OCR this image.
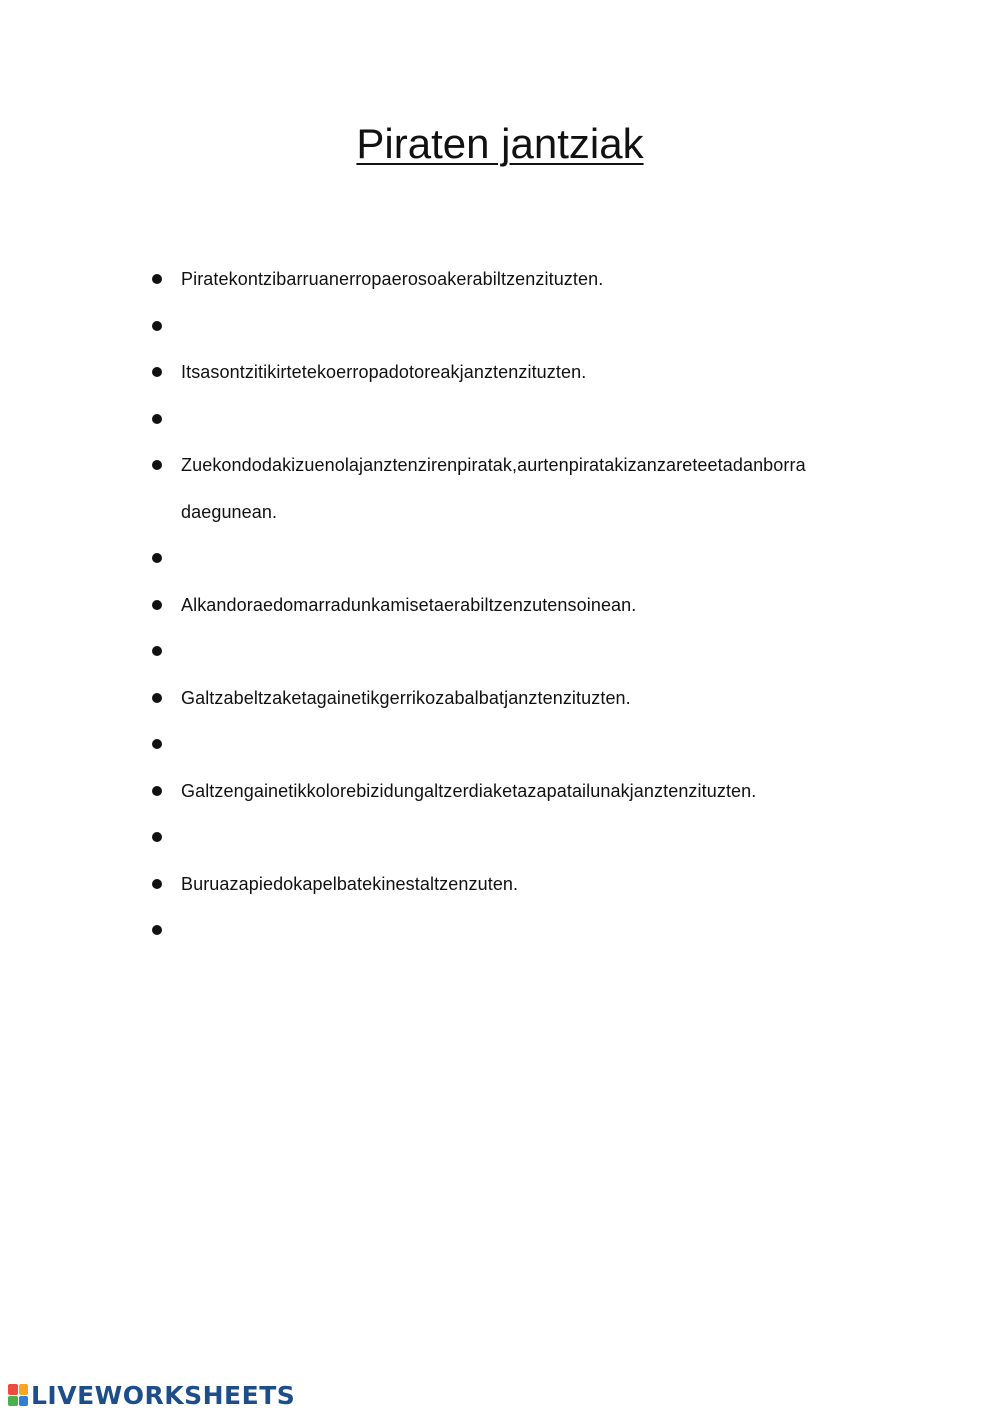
Piraten jantziak
Piratekontzibarruanerropaerosoakerabiltzenzituzten.
Itsasontzitikirtetekoerropadotoreakjanztenzituzten.
Zuekondodakizuenolajanztenzirenpiratak,aurtenpiratakizanzareteetadanborra daegunean.
Alkandoraedomarradunkamisetaerabiltzenzutensoinean.
Galtzabeltzaketagainetikgerrikozabalbatjanztenzituzten.
Galtzengainetikkolorebizidungaltzerdiaketazapatailunakjanztenzituzten.
Buruazapiedokapelbatekinestaltzenzuten.
LIVEWORKSHEETS
